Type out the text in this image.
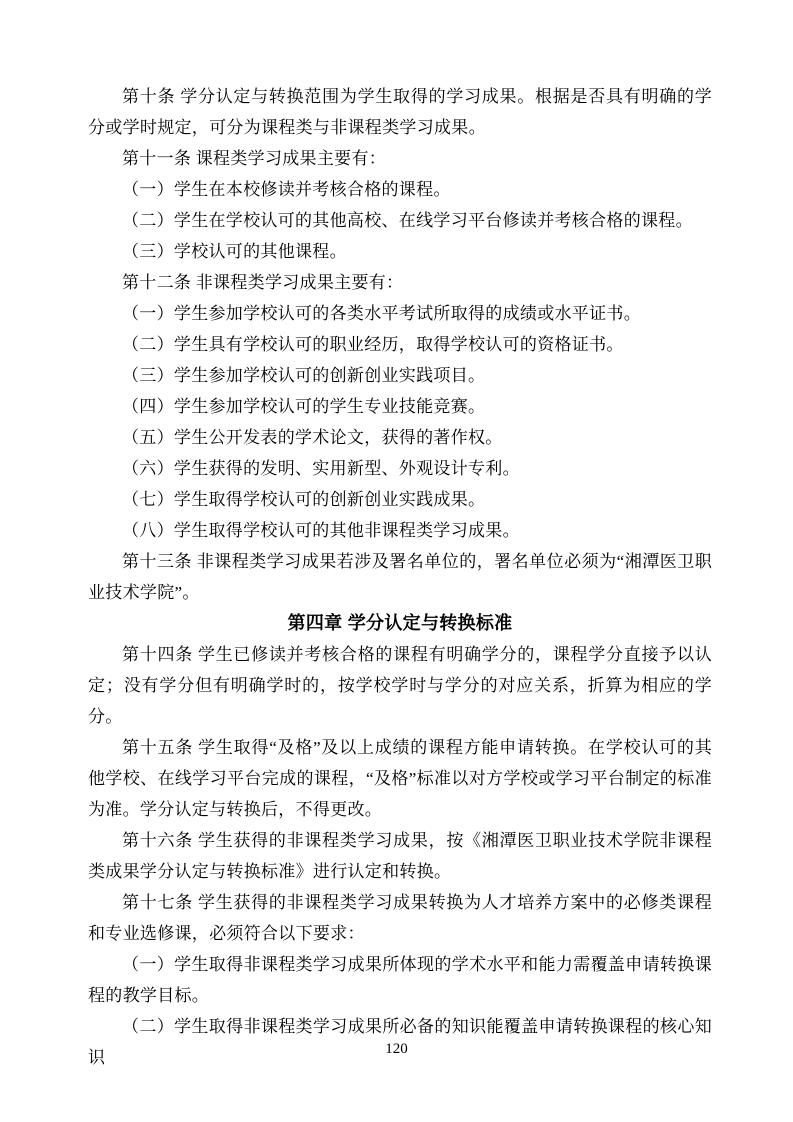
第十条 学分认定与转换范围为学生取得的学习成果。根据是否具有明确的学分或学时规定，可分为课程类与非课程类学习成果。
第十一条 课程类学习成果主要有：
（一）学生在本校修读并考核合格的课程。
（二）学生在学校认可的其他高校、在线学习平台修读并考核合格的课程。
（三）学校认可的其他课程。
第十二条 非课程类学习成果主要有：
（一）学生参加学校认可的各类水平考试所取得的成绩或水平证书。
（二）学生具有学校认可的职业经历，取得学校认可的资格证书。
（三）学生参加学校认可的创新创业实践项目。
（四）学生参加学校认可的学生专业技能竞赛。
（五）学生公开发表的学术论文，获得的著作权。
（六）学生获得的发明、实用新型、外观设计专利。
（七）学生取得学校认可的创新创业实践成果。
（八）学生取得学校认可的其他非课程类学习成果。
第十三条 非课程类学习成果若涉及署名单位的，署名单位必须为“湘潭医卫职业技术学院”。
第四章 学分认定与转换标准
第十四条 学生已修读并考核合格的课程有明确学分的，课程学分直接予以认定；没有学分但有明确学时的，按学校学时与学分的对应关系，折算为相应的学分。
第十五条 学生取得“及格”及以上成绩的课程方能申请转换。在学校认可的其他学校、在线学习平台完成的课程，“及格”标准以对方学校或学习平台制定的标准为准。学分认定与转换后，不得更改。
第十六条 学生获得的非课程类学习成果，按《湘潭医卫职业技术学院非课程类成果学分认定与转换标准》进行认定和转换。
第十七条 学生获得的非课程类学习成果转换为人才培养方案中的必修类课程和专业选修课，必须符合以下要求：
（一）学生取得非课程类学习成果所体现的学术水平和能力需覆盖申请转换课程的教学目标。
（二）学生取得非课程类学习成果所必备的知识能覆盖申请转换课程的核心知识	120
